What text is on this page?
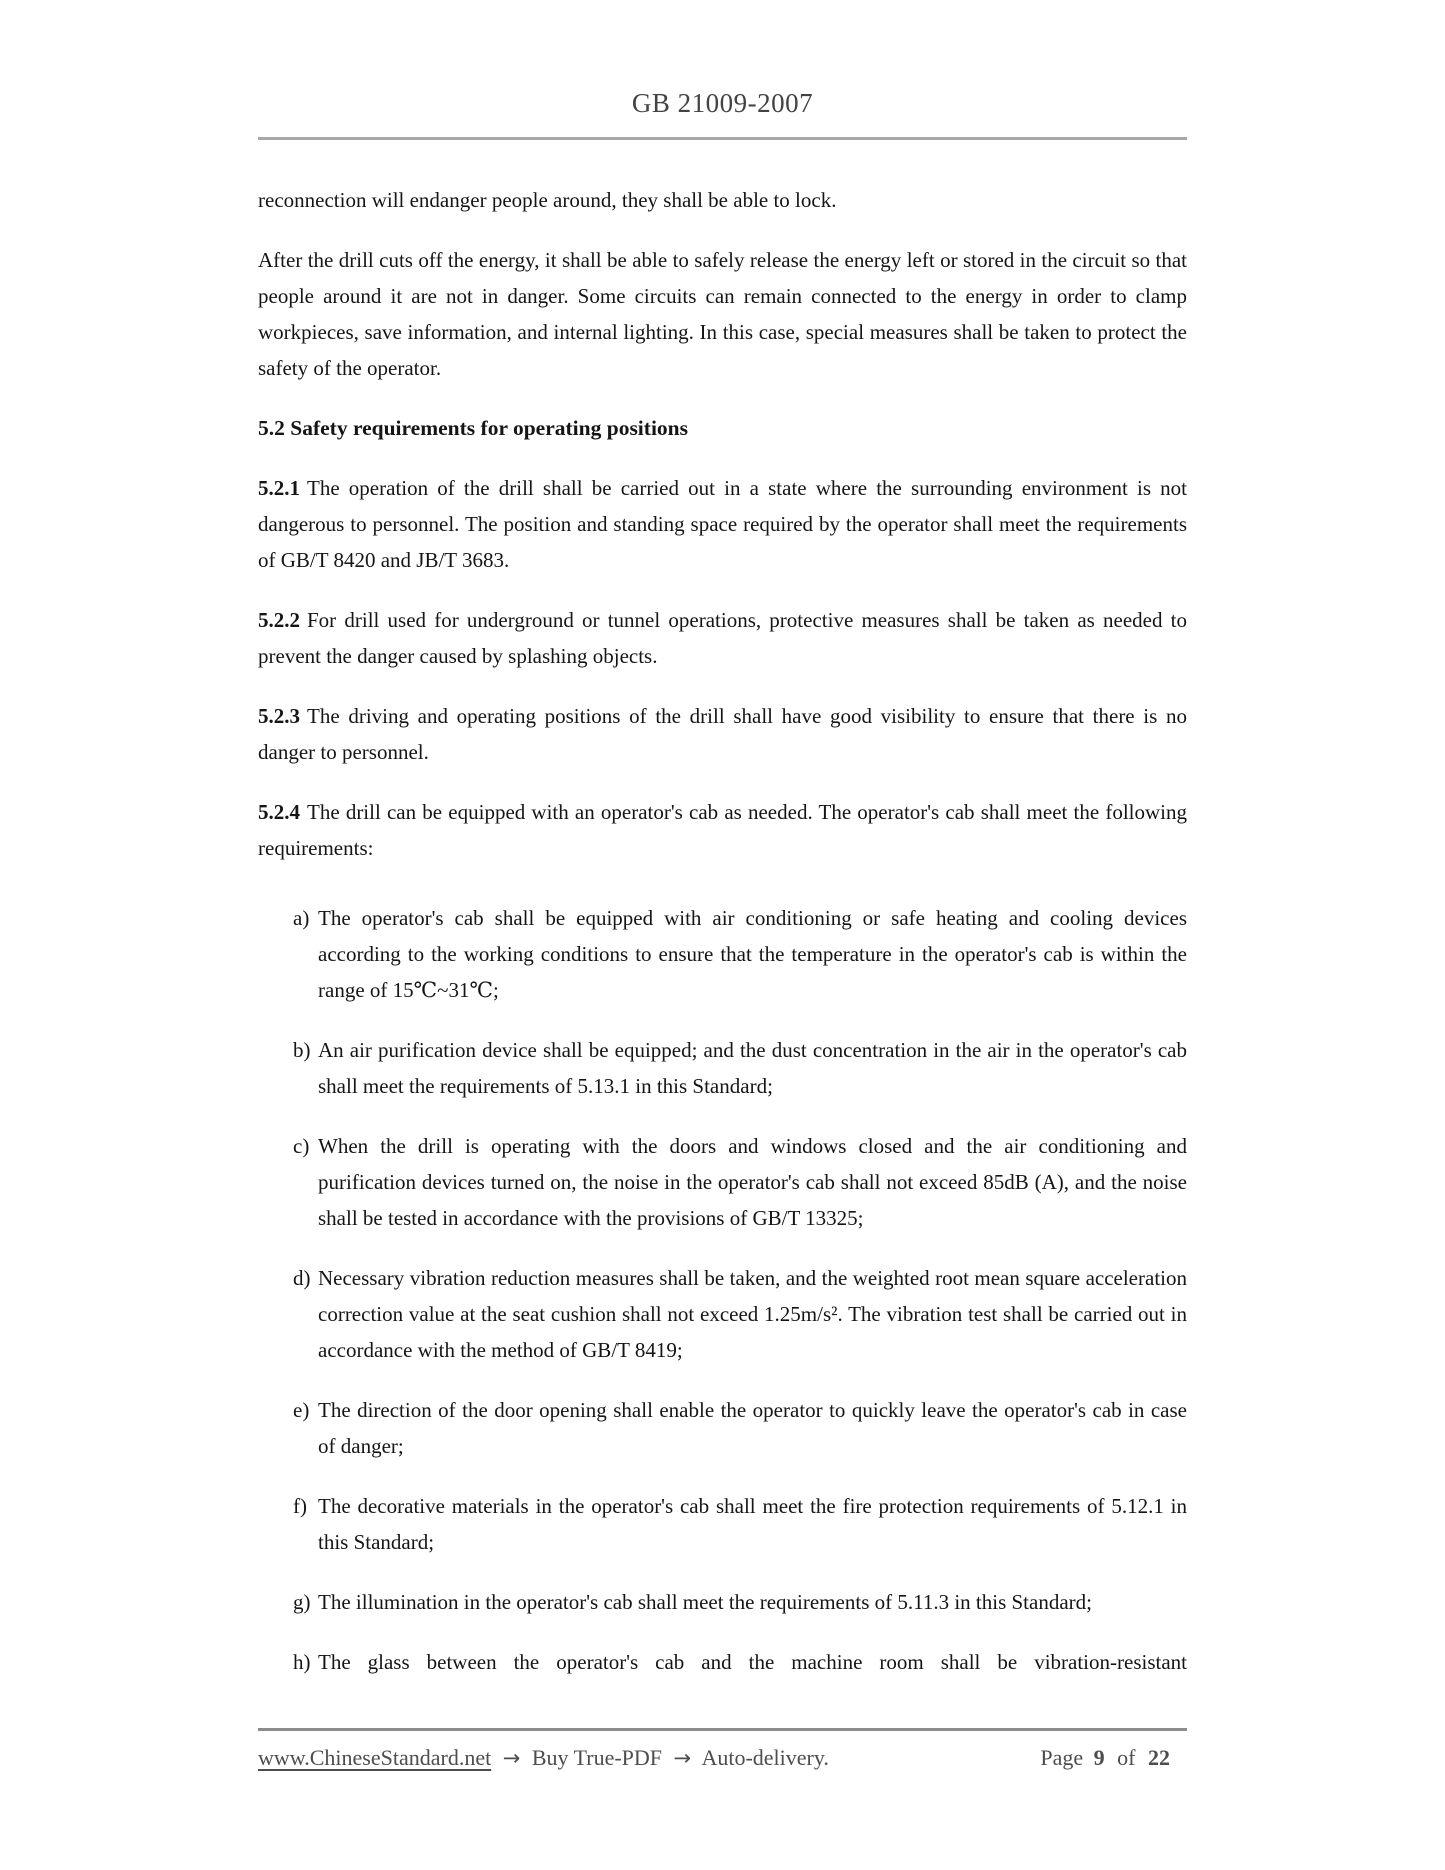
GB 21009-2007

reconnection will endanger people around, they shall be able to lock.

After the drill cuts off the energy, it shall be able to safely release the energy left or stored in the circuit so that people around it are not in danger. Some circuits can remain connected to the energy in order to clamp workpieces, save information, and internal lighting. In this case, special measures shall be taken to protect the safety of the operator.

5.2 Safety requirements for operating positions

5.2.1 The operation of the drill shall be carried out in a state where the surrounding environment is not dangerous to personnel. The position and standing space required by the operator shall meet the requirements of GB/T 8420 and JB/T 3683.

5.2.2 For drill used for underground or tunnel operations, protective measures shall be taken as needed to prevent the danger caused by splashing objects.

5.2.3 The driving and operating positions of the drill shall have good visibility to ensure that there is no danger to personnel.

5.2.4 The drill can be equipped with an operator's cab as needed. The operator's cab shall meet the following requirements:

a) The operator's cab shall be equipped with air conditioning or safe heating and cooling devices according to the working conditions to ensure that the temperature in the operator's cab is within the range of 15℃~31℃;
b) An air purification device shall be equipped; and the dust concentration in the air in the operator's cab shall meet the requirements of 5.13.1 in this Standard;
c) When the drill is operating with the doors and windows closed and the air conditioning and purification devices turned on, the noise in the operator's cab shall not exceed 85dB (A), and the noise shall be tested in accordance with the provisions of GB/T 13325;
d) Necessary vibration reduction measures shall be taken, and the weighted root mean square acceleration correction value at the seat cushion shall not exceed 1.25m/s². The vibration test shall be carried out in accordance with the method of GB/T 8419;
e) The direction of the door opening shall enable the operator to quickly leave the operator's cab in case of danger;
f) The decorative materials in the operator's cab shall meet the fire protection requirements of 5.12.1 in this Standard;
g) The illumination in the operator's cab shall meet the requirements of 5.11.3 in this Standard;
h) The glass between the operator's cab and the machine room shall be vibration-resistant
www.ChineseStandard.net → Buy True-PDF → Auto-delivery.	Page 9 of 22
